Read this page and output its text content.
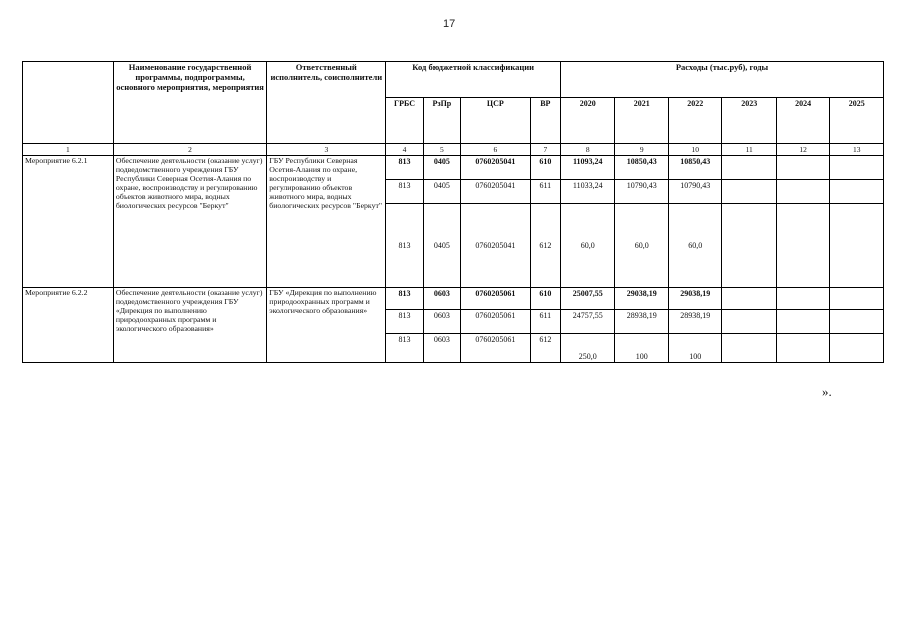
17
	Наименование государственной программы, подпрограммы, основного мероприятия, мероприятия	Ответственный исполнитель, соисполнители	Код бюджетной классификации				Расходы (тыс.руб), годы					
			ГРБС	РзПр	ЦСР	ВР	2020	2021	2022	2023	2024	2025
1	2	3	4	5	6	7	8	9	10	11	12	13
Мероприятие 6.2.1	Обеспечение деятельности (оказание услуг) подведомственного учреждения ГБУ Республики Северная Осетия-Алания по охране, воспроизводству и регулированию объектов животного мира, водных биологических ресурсов "Беркут"	ГБУ Республики Северная Осетия-Алания по охране, воспроизводству и регулированию объектов животного мира, водных биологических ресурсов "Беркут"	813	0405	0760205041	610	11093,24	10850,43	10850,43			
			813	0405	0760205041	611	11033,24	10790,43	10790,43			
			813	0405	0760205041	612	60,0	60,0	60,0			
Мероприятие 6.2.2	Обеспечение деятельности (оказание услуг) подведомственного учреждения ГБУ «Дирекция по выполнению природоохранных программ и экологического образования»	ГБУ «Дирекция по выполнению природоохранных программ и экологического образования»	813	0603	0760205061	610	25007,55	29038,19	29038,19			
			813	0603	0760205061	611	24757,55	28938,19	28938,19			
			813	0603	0760205061	612	250,0	100	100			
».
